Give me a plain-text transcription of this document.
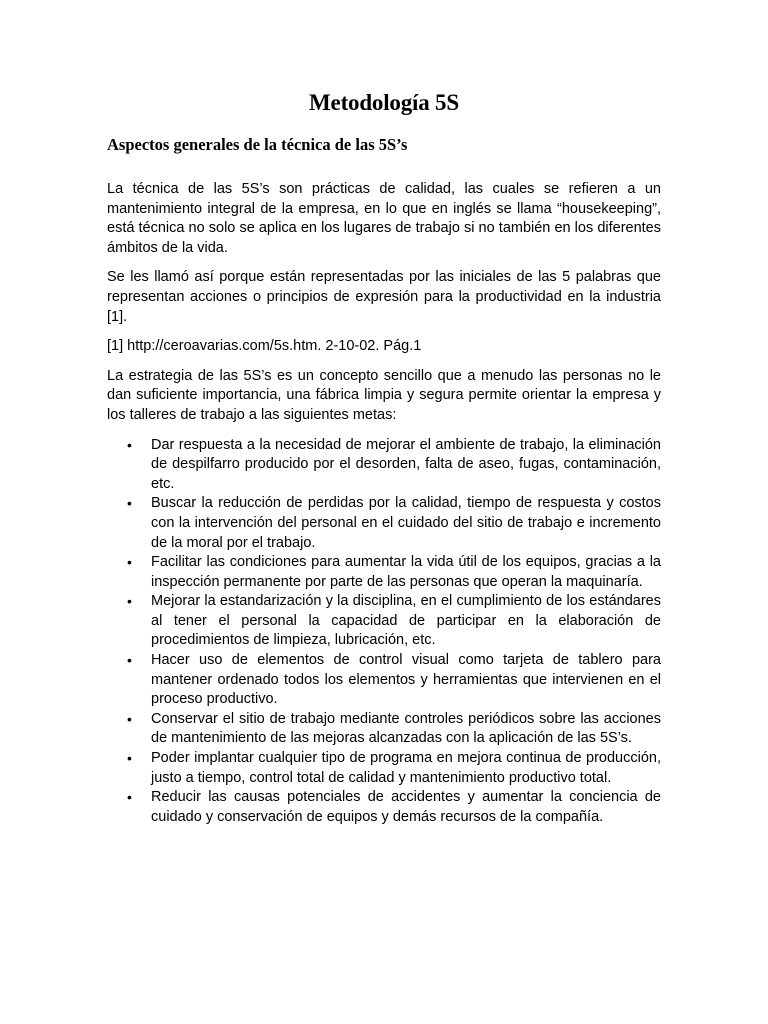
Metodología 5S
Aspectos generales de la técnica de las 5S’s

La técnica de las 5S’s son prácticas de calidad, las cuales se refieren a un mantenimiento integral de la empresa, en lo que en inglés se llama “housekeeping”, está técnica no solo se aplica en los lugares de trabajo si no también en los diferentes ámbitos de la vida.

Se les llamó así porque están representadas por las iniciales de las 5 palabras que representan acciones o principios de expresión para la productividad en la industria [1].

[1] http://ceroavarias.com/5s.htm. 2-10-02. Pág.1

La estrategia de las 5S’s es un concepto sencillo que a menudo las personas no le dan suficiente importancia, una fábrica limpia y segura permite orientar la empresa y los talleres de trabajo a las siguientes metas:

• Dar respuesta a la necesidad de mejorar el ambiente de trabajo, la eliminación de despilfarro producido por el desorden, falta de aseo, fugas, contaminación, etc.
• Buscar la reducción de perdidas por la calidad, tiempo de respuesta y costos con la intervención del personal en el cuidado del sitio de trabajo e incremento de la moral por el trabajo.
• Facilitar las condiciones para aumentar la vida útil de los equipos, gracias a la inspección permanente por parte de las personas que operan la maquinaría.
• Mejorar la estandarización y la disciplina, en el cumplimiento de los estándares al tener el personal la capacidad de participar en la elaboración de procedimientos de limpieza, lubricación, etc.
• Hacer uso de elementos de control visual como tarjeta de tablero para mantener ordenado todos los elementos y herramientas que intervienen en el proceso productivo.
• Conservar el sitio de trabajo mediante controles periódicos sobre las acciones de mantenimiento de las mejoras alcanzadas con la aplicación de las 5S’s.
• Poder implantar cualquier tipo de programa en mejora continua de producción, justo a tiempo, control total de calidad y mantenimiento productivo total.
• Reducir las causas potenciales de accidentes y aumentar la conciencia de cuidado y conservación de equipos y demás recursos de la compañía.
